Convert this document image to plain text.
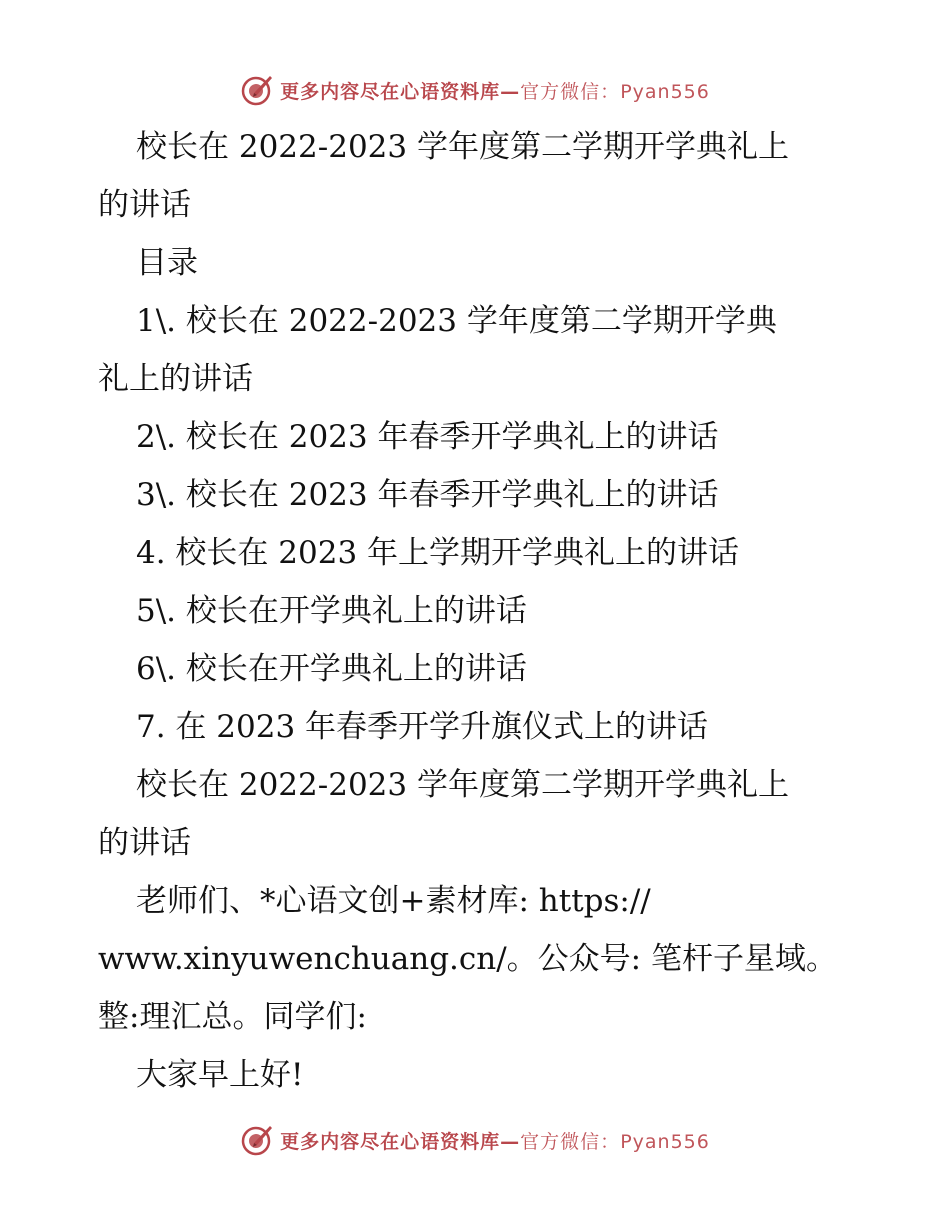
更多内容尽在心语资料库—官方微信：Pyan556
校长在 2022-2023 学年度第二学期开学典礼上
的讲话
目录
1\. 校长在 2022-2023 学年度第二学期开学典
礼上的讲话
2\. 校长在 2023 年春季开学典礼上的讲话
3\. 校长在 2023 年春季开学典礼上的讲话
4. 校长在 2023 年上学期开学典礼上的讲话
5\. 校长在开学典礼上的讲话
6\. 校长在开学典礼上的讲话
7. 在 2023 年春季开学升旗仪式上的讲话
校长在 2022-2023 学年度第二学期开学典礼上
的讲话
老师们、*心语文创+素材库: https://
www.xinyuwenchuang.cn/。公众号: 笔杆子星域。
整:理汇总。同学们:
大家早上好!
更多内容尽在心语资料库—官方微信：Pyan556
